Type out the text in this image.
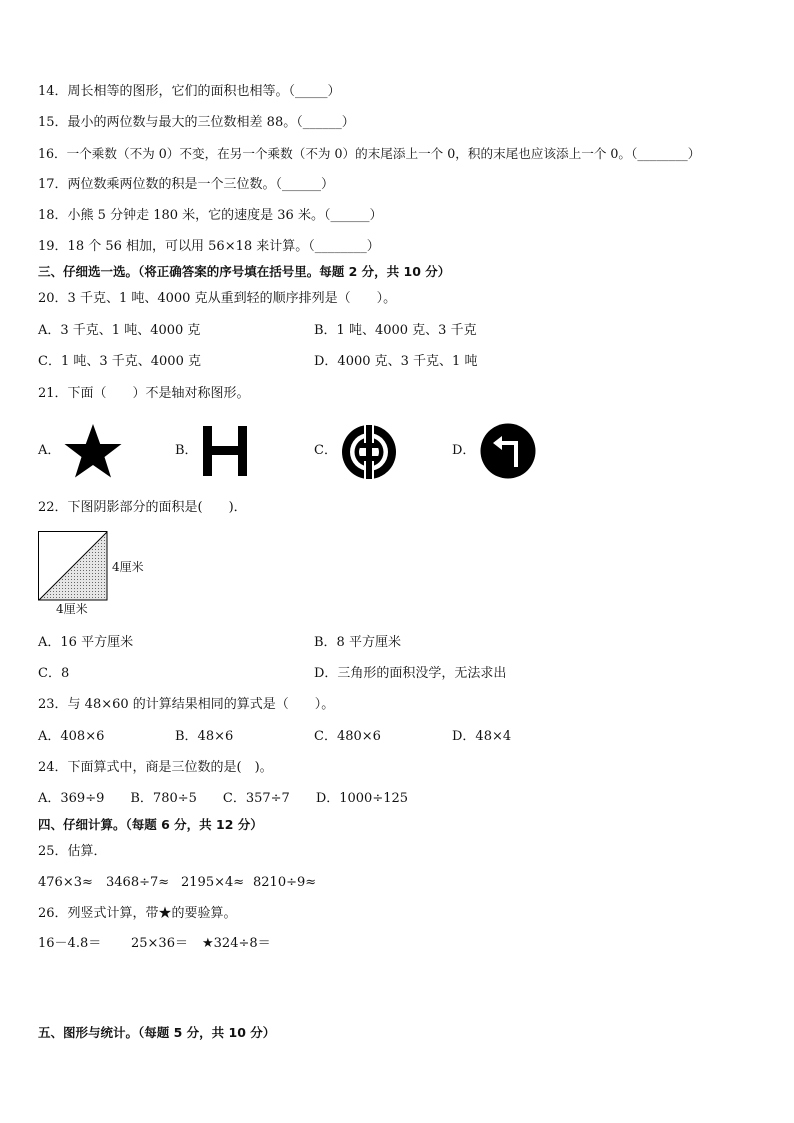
14．周长相等的图形，它们的面积也相等。（_____）
15．最小的两位数与最大的三位数相差 88。（______）
16．一个乘数（不为 0）不变，在另一个乘数（不为 0）的末尾添上一个 0，积的末尾也应该添上一个 0。（________）
17．两位数乘两位数的积是一个三位数。（______）
18．小熊 5 分钟走 180 米，它的速度是 36 米。（______）
19．18 个 56 相加，可以用 56×18 来计算。（________）
三、仔细选一选。（将正确答案的序号填在括号里。每题 2 分，共 10 分）
20．3 千克、1 吨、4000 克从重到轻的顺序排列是（　　）。
A．3 千克、1 吨、4000 克	B．1 吨、4000 克、3 千克
C．1 吨、3 千克、4000 克	D．4000 克、3 千克、1 吨
21．下面（　　）不是轴对称图形。
A．	B．	C．	D．
22．下图阴影部分的面积是(　　)．
4厘米
4厘米
A．16 平方厘米	B．8 平方厘米
C．8	D．三角形的面积没学，无法求出
23．与 48×60 的计算结果相同的算式是（　　）。
A．408×6	B．48×6	C．480×6	D．48×4
24．下面算式中，商是三位数的是(　)。
A．369÷9　　B．780÷5　　C．357÷7　　D．1000÷125
四、仔细计算。（每题 6 分，共 12 分）
25．估算．
476×3≈ 3468÷7≈ 2195×4≈ 8210÷9≈
26．列竖式计算，带★的要验算。
16－4.8＝ 25×36＝ ★324÷8＝
五、图形与统计。（每题 5 分，共 10 分）
